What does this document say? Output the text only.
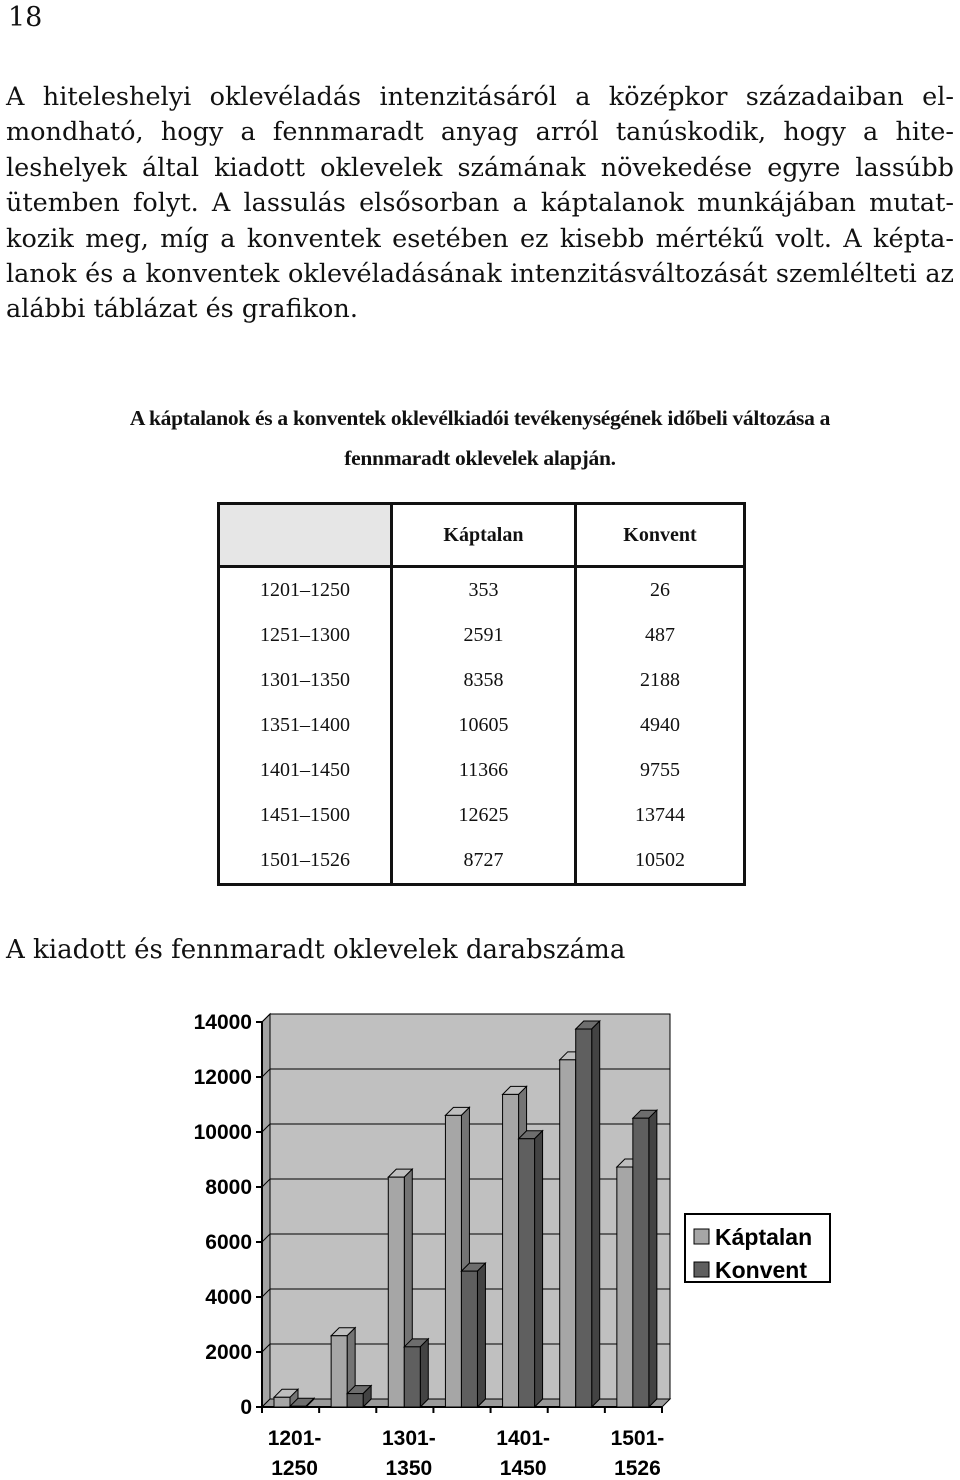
18
A hiteleshelyi oklevéladás intenzitásáról a középkor századaiban el-
mondható, hogy a fennmaradt anyag arról tanúskodik, hogy a hite-
leshelyek által kiadott oklevelek számának növekedése egyre lassúbb
ütemben folyt. A lassulás elsősorban a káptalanok munkájában mutat-
kozik meg, míg a konventek esetében ez kisebb mértékű volt. A képta-
lanok és a konventek oklevéladásának intenzitásváltozását szemlélteti az
alábbi táblázat és grafikon.

A káptalanok és a konventek oklevélkiadói tevékenységének időbeli változása a

fennmaradt oklevelek alapján.

	Káptalan	Konvent
1201–1250	353	26
1251–1300	2591	487
1301–1350	8358	2188
1351–1400	10605	4940
1401–1450	11366	9755
1451–1500	12625	13744
1501–1526	8727	10502

A kiadott és fennmaradt oklevelek darabszáma

0
2000
4000
6000
8000
10000
12000
14000
1201-
1250
1301-
1350
1401-
1450
1501-
1526
Káptalan
Konvent
